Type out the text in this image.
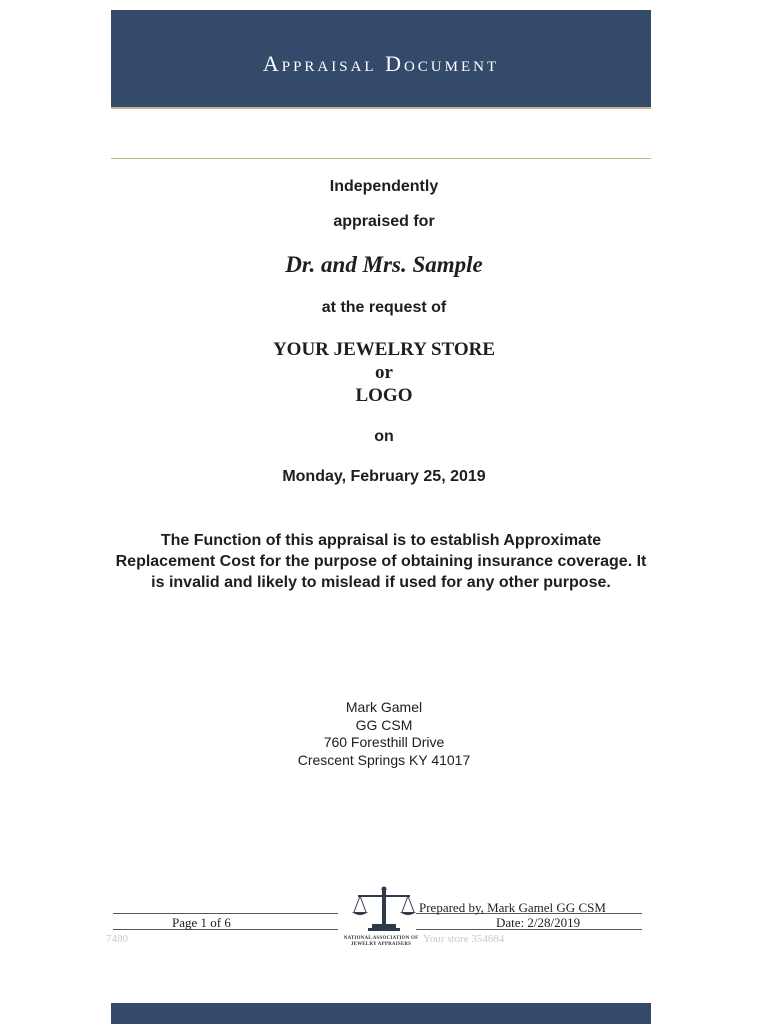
Appraisal Document

Independently

appraised for

Dr. and Mrs. Sample

at the request of

YOUR JEWELRY STORE

or

LOGO

on

Monday, February 25, 2019

The Function of this appraisal is to establish Approximate Replacement Cost for the purpose of obtaining insurance coverage. It is invalid and likely to mislead if used for any other purpose.

Mark Gamel
GG CSM
760 Foresthill Drive
Crescent Springs KY 41017
Page 1 of 6
Prepared by, Mark Gamel GG CSM
Date: 2/28/2019
7480	Your store 354684
NATIONAL ASSOCIATION OF
JEWELRY APPRAISERS
